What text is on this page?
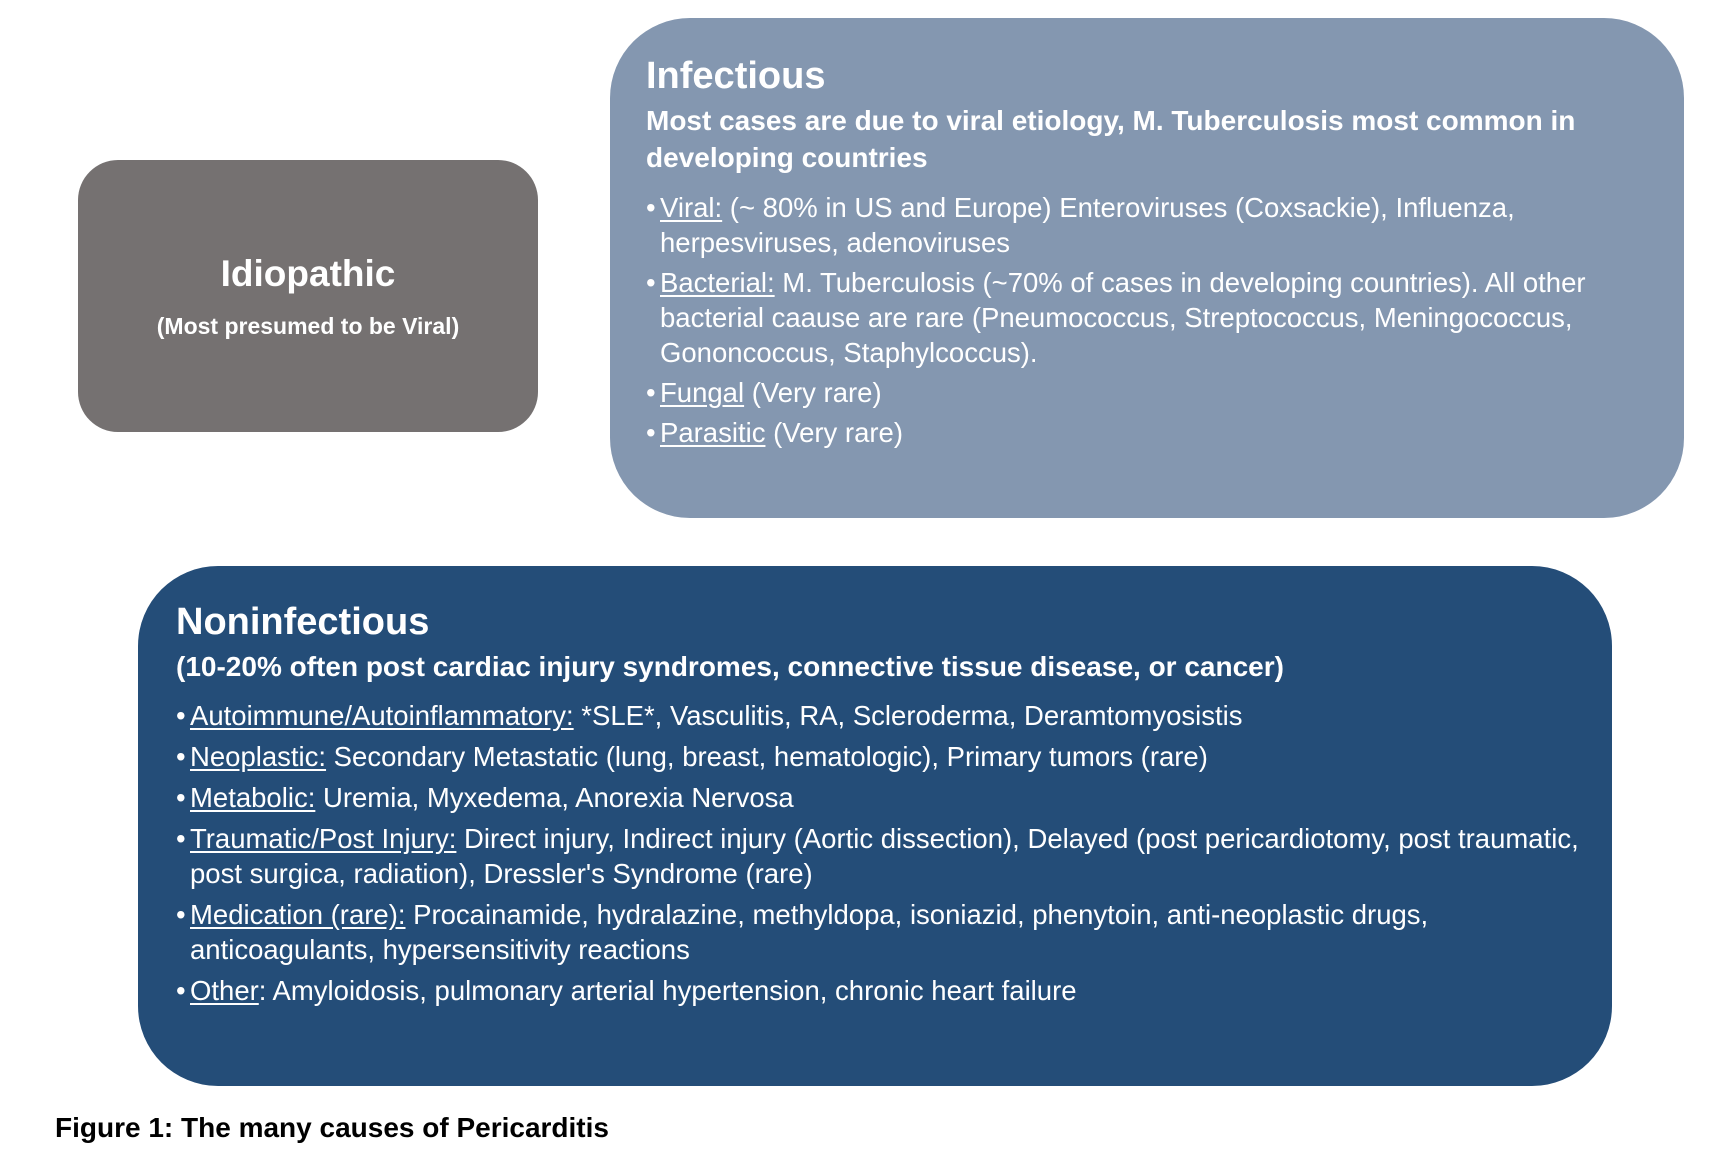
Idiopathic
(Most presumed to be Viral)
Infectious
Most cases are due to viral etiology, M. Tuberculosis most common in developing countries
• Viral: (~ 80% in US and Europe) Enteroviruses (Coxsackie), Influenza, herpesviruses, adenoviruses
• Bacterial: M. Tuberculosis (~70% of cases in developing countries). All other bacterial caause are rare (Pneumococcus, Streptococcus, Meningococcus, Gononcoccus, Staphylcoccus).
• Fungal (Very rare)
• Parasitic (Very rare)
Noninfectious
(10-20% often post cardiac injury syndromes, connective tissue disease, or cancer)
• Autoimmune/Autoinflammatory: *SLE*, Vasculitis, RA, Scleroderma, Deramtomyosistis
• Neoplastic: Secondary Metastatic (lung, breast, hematologic), Primary tumors (rare)
• Metabolic: Uremia, Myxedema, Anorexia Nervosa
• Traumatic/Post Injury: Direct injury, Indirect injury (Aortic dissection), Delayed (post pericardiotomy, post traumatic, post surgica, radiation), Dressler's Syndrome (rare)
• Medication (rare): Procainamide, hydralazine, methyldopa, isoniazid, phenytoin, anti-neoplastic drugs, anticoagulants, hypersensitivity reactions
• Other: Amyloidosis, pulmonary arterial hypertension, chronic heart failure
Figure 1: The many causes of Pericarditis
